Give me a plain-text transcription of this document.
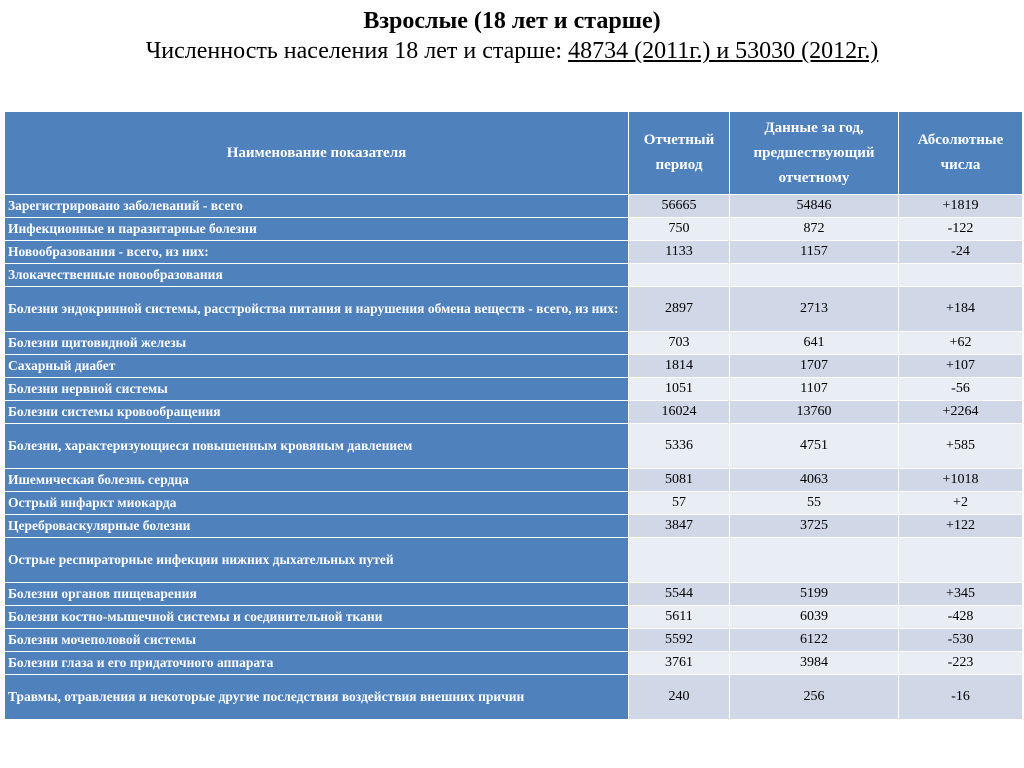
Взрослые (18 лет и старше)
Численность населения 18 лет и старше: 48734 (2011г.) и 53030 (2012г.)
Наименование показателя	Отчетный период	Данные за год, предшествующий отчетному	Абсолютные числа
Зарегистрировано заболеваний - всего	56665	54846	+1819
Инфекционные и паразитарные болезни	750	872	-122
Новообразования - всего, из них:	1133	1157	-24
Злокачественные новообразования			
Болезни эндокринной системы, расстройства питания и нарушения обмена веществ - всего, из них:	2897	2713	+184
Болезни щитовидной железы	703	641	+62
Сахарный диабет	1814	1707	+107
Болезни нервной системы	1051	1107	-56
Болезни системы кровообращения	16024	13760	+2264
Болезни, характеризующиеся повышенным кровяным давлением	5336	4751	+585
Ишемическая болезнь сердца	5081	4063	+1018
Острый инфаркт миокарда	57	55	+2
Цереброваскулярные болезни	3847	3725	+122
Острые респираторные инфекции нижних дыхательных путей			
Болезни органов пищеварения	5544	5199	+345
Болезни костно-мышечной системы и соединительной ткани	5611	6039	-428
Болезни мочеполовой системы	5592	6122	-530
Болезни глаза и его придаточного аппарата	3761	3984	-223
Травмы, отравления и некоторые другие последствия воздействия внешних причин	240	256	-16
